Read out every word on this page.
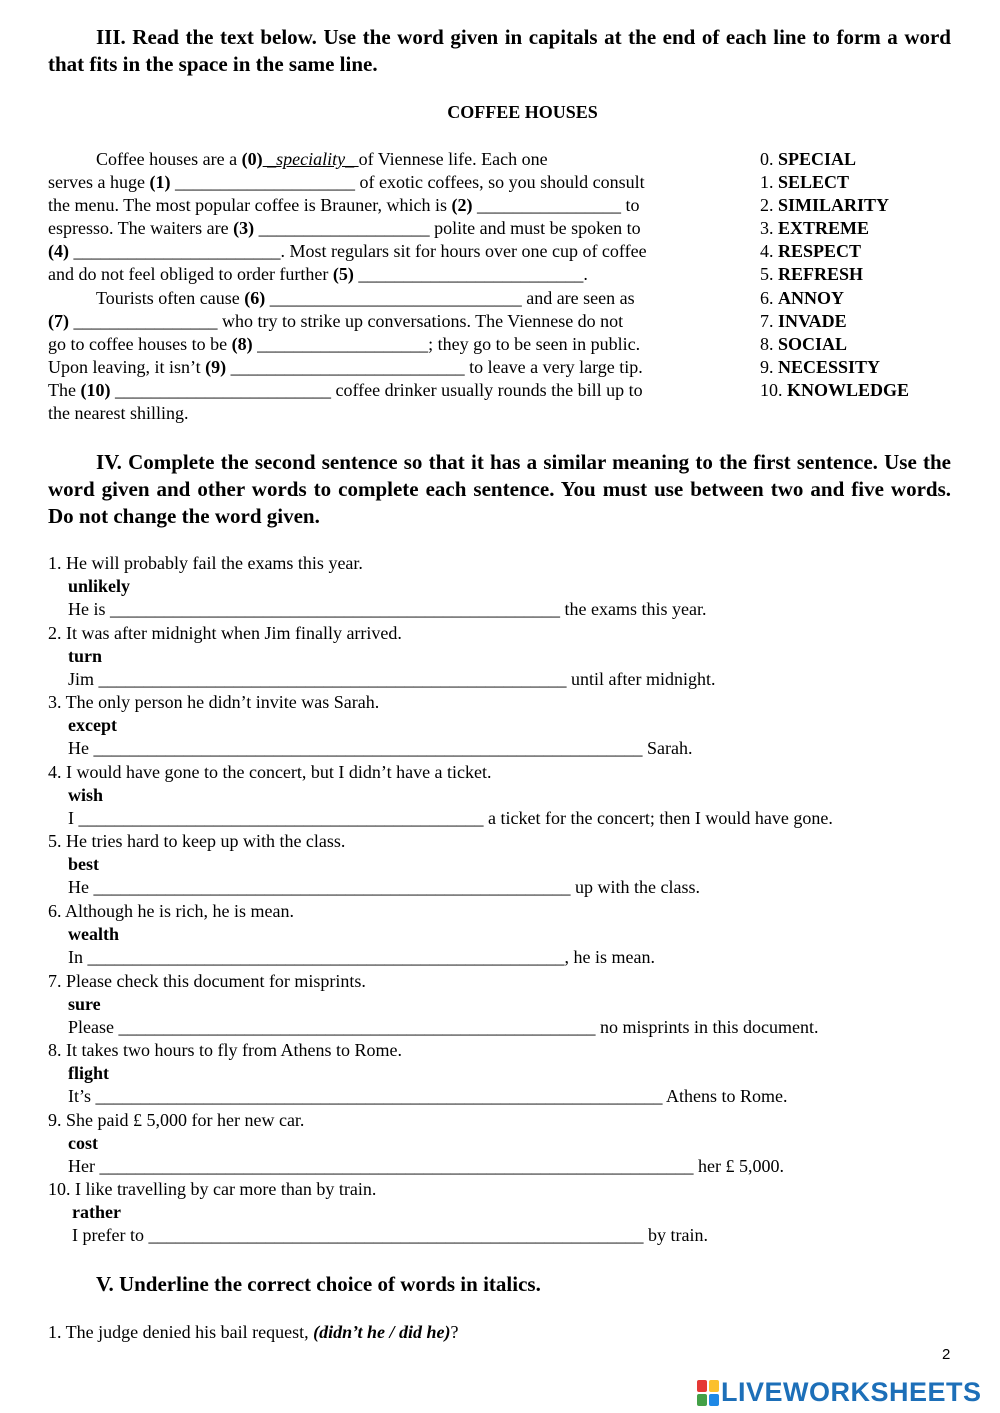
III. Read the text below. Use the word given in capitals at the end of each line to form a word that fits in the space in the same line.
COFFEE HOUSES
Coffee houses are a (0) _speciality_ of Viennese life. Each one
serves a huge (1) ____________________ of exotic coffees, so you should consult
the menu. The most popular coffee is Brauner, which is (2) ________________ to
espresso. The waiters are (3) ___________________ polite and must be spoken to
(4) _______________________. Most regulars sit for hours over one cup of coffee
and do not feel obliged to order further (5) _________________________.
Tourists often cause (6) ____________________________ and are seen as
(7) ________________ who try to strike up conversations. The Viennese do not
go to coffee houses to be (8) ___________________; they go to be seen in public.
Upon leaving, it isn’t (9) __________________________ to leave a very large tip.
The (10) ________________________ coffee drinker usually rounds the bill up to
the nearest shilling.
0. SPECIAL
1. SELECT
2. SIMILARITY
3. EXTREME
4. RESPECT
5. REFRESH
6. ANNOY
7. INVADE
8. SOCIAL
9. NECESSITY
10. KNOWLEDGE
IV. Complete the second sentence so that it has a similar meaning to the first sentence. Use the word given and other words to complete each sentence. You must use between two and five words. Do not change the word given.
1. He will probably fail the exams this year.
unlikely
He is __________________________________________________ the exams this year.
2. It was after midnight when Jim finally arrived.
turn
Jim ____________________________________________________ until after midnight.
3. The only person he didn’t invite was Sarah.
except
He _____________________________________________________________ Sarah.
4. I would have gone to the concert, but I didn’t have a ticket.
wish
I _____________________________________________ a ticket for the concert; then I would have gone.
5. He tries hard to keep up with the class.
best
He _____________________________________________________ up with the class.
6. Although he is rich, he is mean.
wealth
In _____________________________________________________, he is mean.
7. Please check this document for misprints.
sure
Please _____________________________________________________ no misprints in this document.
8. It takes two hours to fly from Athens to Rome.
flight
It’s _______________________________________________________________ Athens to Rome.
9. She paid £ 5,000 for her new car.
cost
Her __________________________________________________________________ her £ 5,000.
10. I like travelling by car more than by train.
rather
I prefer to _______________________________________________________ by train.
V. Underline the correct choice of words in italics.
1. The judge denied his bail request, (didn’t he / did he)?
2
LIVEWORKSHEETS
